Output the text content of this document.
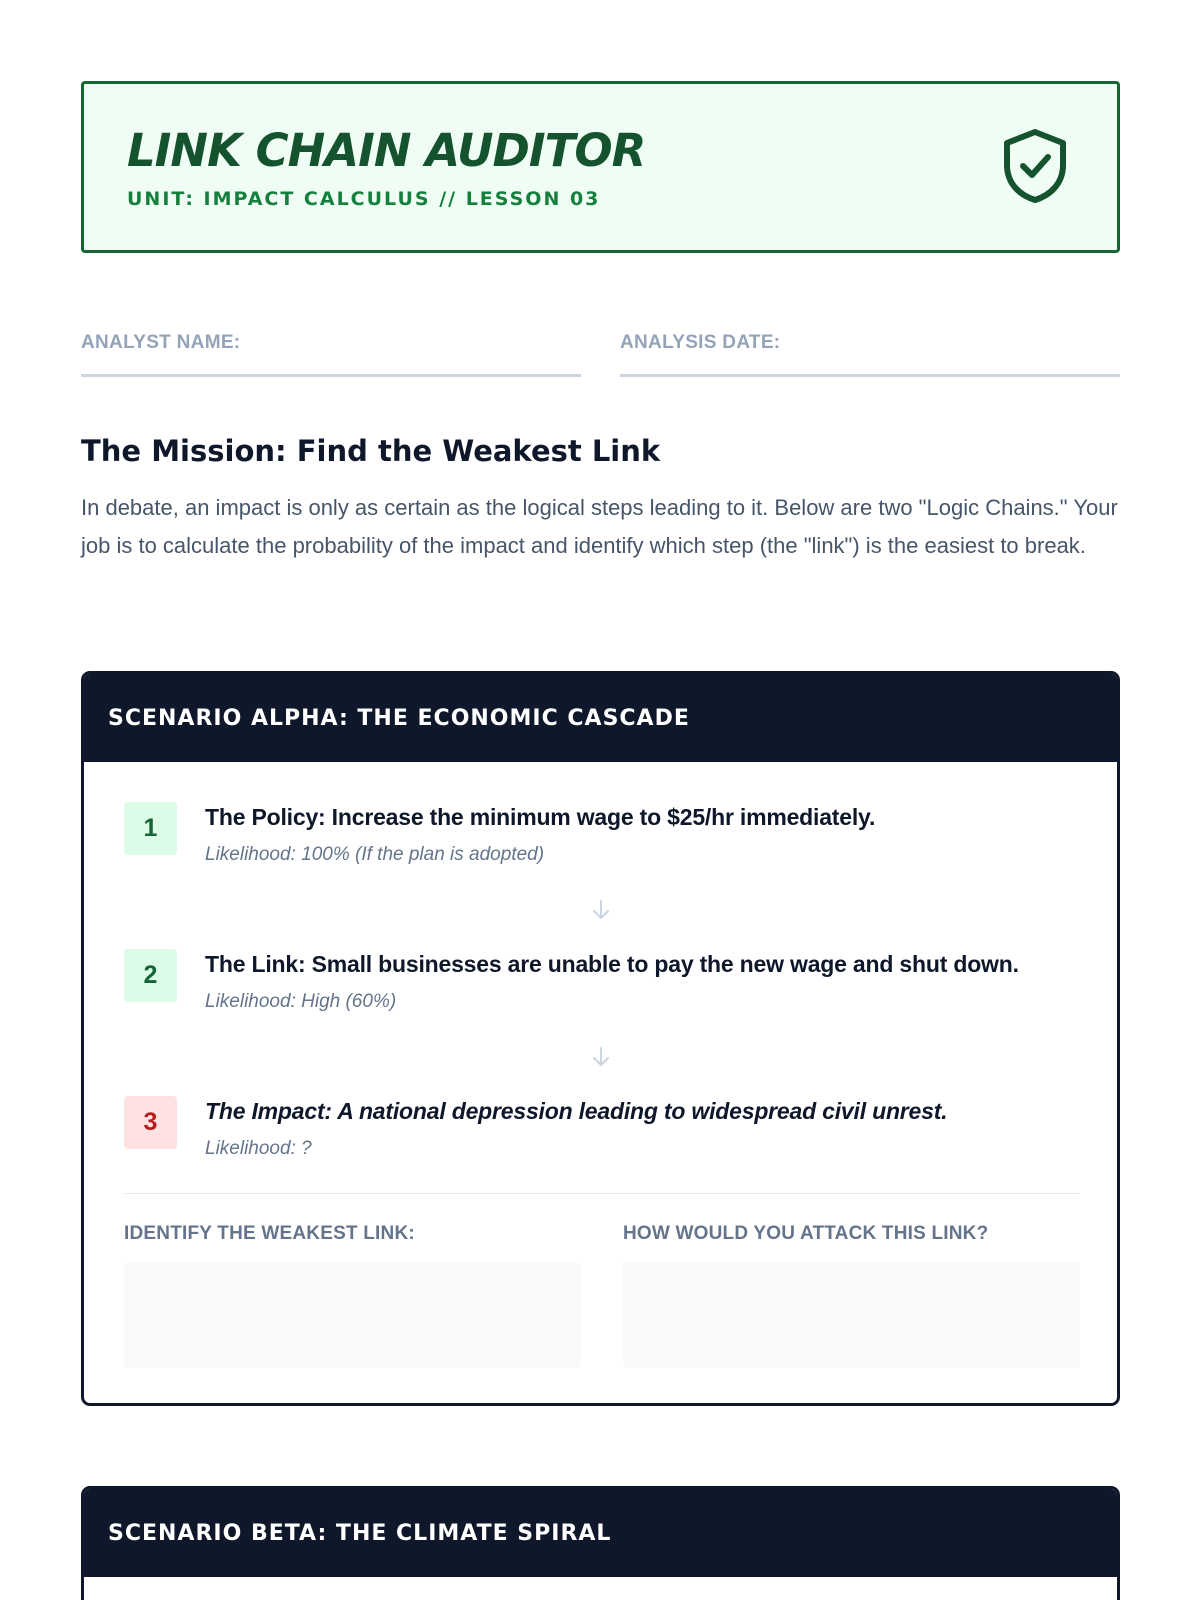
LINK CHAIN AUDITOR
UNIT: IMPACT CALCULUS // LESSON 03
ANALYST NAME:	ANALYSIS DATE:
The Mission: Find the Weakest Link
In debate, an impact is only as certain as the logical steps leading to it. Below are two "Logic Chains." Your job is to calculate the probability of the impact and identify which step (the "link") is the easiest to break.
SCENARIO ALPHA: THE ECONOMIC CASCADE
1	The Policy: Increase the minimum wage to $25/hr immediately.
Likelihood: 100% (If the plan is adopted)
2	The Link: Small businesses are unable to pay the new wage and shut down.
Likelihood: High (60%)
3	The Impact: A national depression leading to widespread civil unrest.
Likelihood: ?
IDENTIFY THE WEAKEST LINK:	HOW WOULD YOU ATTACK THIS LINK?
SCENARIO BETA: THE CLIMATE SPIRAL
